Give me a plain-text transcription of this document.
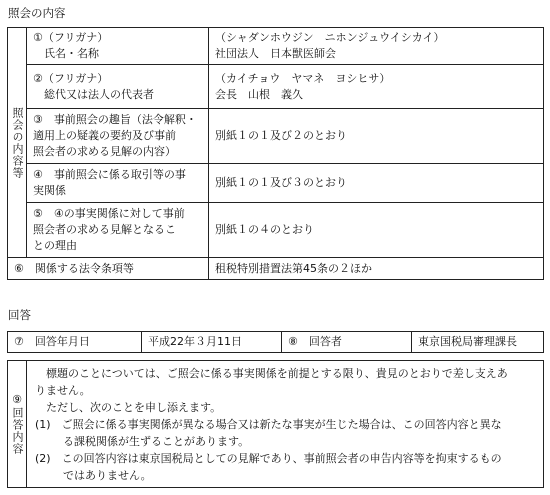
照会の内容
照会の内容等	①（フリガナ）
　氏名・名称	（シャダンホウジン　ニホンジュウイシカイ）
社団法人　日本獣医師会

	②（フリガナ）
　総代又は法人の代表者	（カイチョウ　ヤマネ　ヨシヒサ）
会長　山根　義久

	③　事前照会の趣旨（法令解釈・
適用上の疑義の要約及び事前
照会者の求める見解の内容）	別紙１の１及び２のとおり

	④　事前照会に係る取引等の事
実関係	別紙１の１及び３のとおり

	⑤　④の事実関係に対して事前
照会者の求める見解となるこ
との理由	別紙１の４のとおり
⑥　関係する法令条項等		租税特別措置法第45条の２ほか
回答
⑦　回答年月日	平成22年３月11日	⑧　回答者	東京国税局審理課長
⑨
回答内容

　標題のことについては、ご照会に係る事実関係を前提とする限り、貴見のとおりで差し支えあ
りません。
　ただし、次のことを申し添えます。
(1)　ご照会に係る事実関係が異なる場合又は新たな事実が生じた場合は、この回答内容と異な
る課税関係が生ずることがあります。
(2)　この回答内容は東京国税局としての見解であり、事前照会者の申告内容等を拘束するもの
ではありません。
